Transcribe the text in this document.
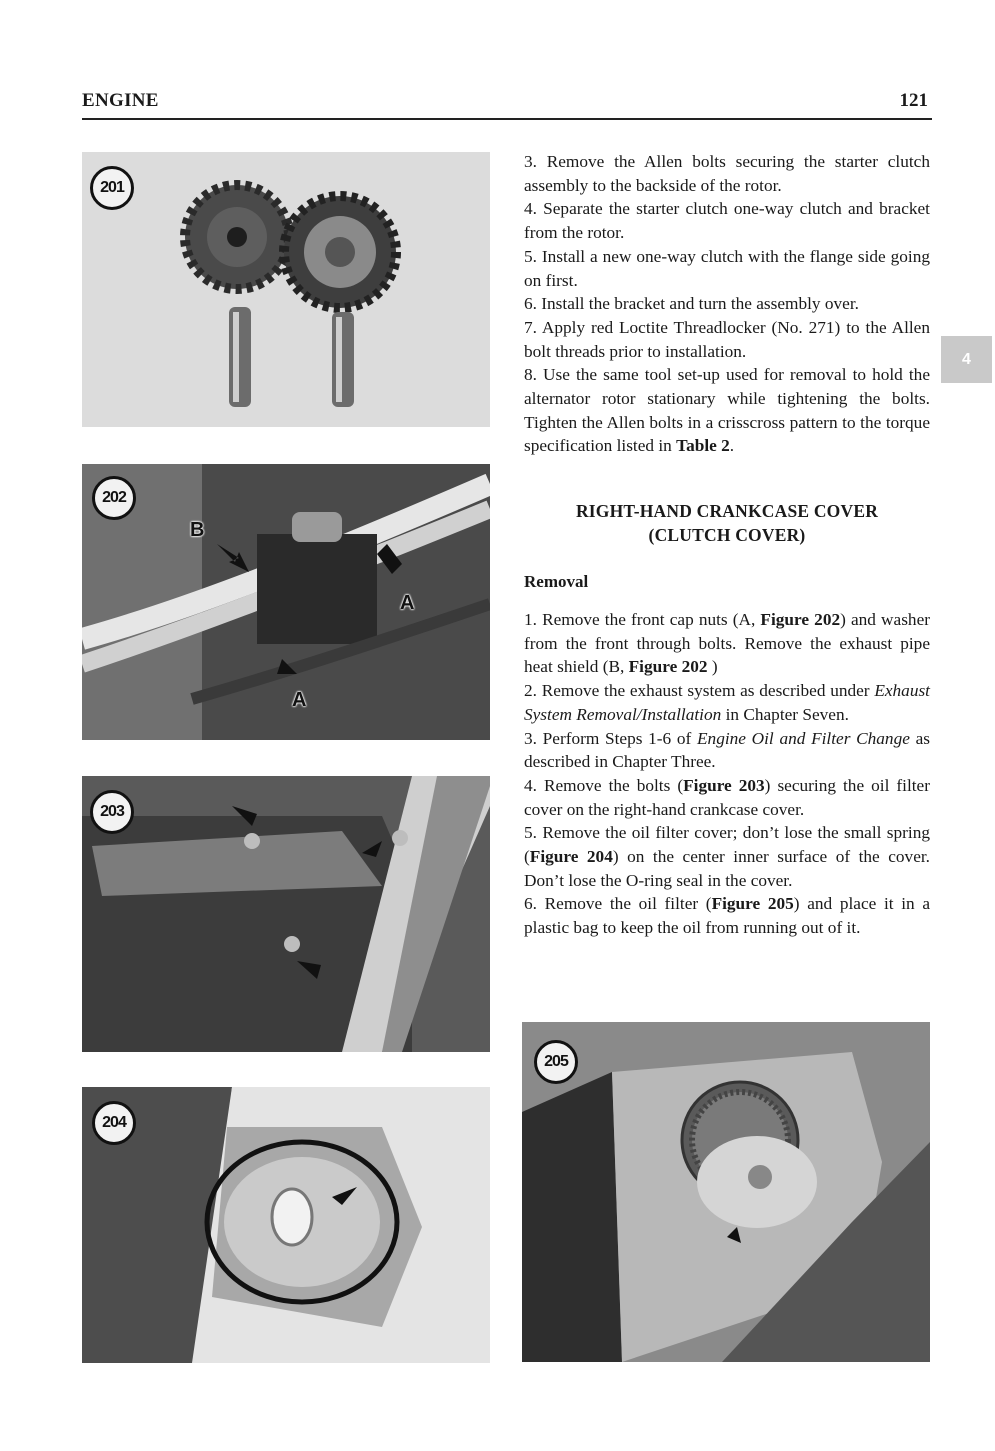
ENGINE	121
4
201
202
B
A
A
203
204
205

3. Remove the Allen bolts securing the starter clutch assembly to the backside of the rotor.

4. Separate the starter clutch one-way clutch and bracket from the rotor.

5. Install a new one-way clutch with the flange side going on first.

6. Install the bracket and turn the assembly over.

7. Apply red Loctite Threadlocker (No. 271) to the Allen bolt threads prior to installation.

8. Use the same tool set-up used for removal to hold the alternator rotor stationary while tightening the bolts. Tighten the Allen bolts in a crisscross pattern to the torque specification listed in Table 2.

RIGHT-HAND CRANKCASE COVER
(CLUTCH COVER)
Removal

1. Remove the front cap nuts (A, Figure 202) and washer from the front through bolts. Remove the exhaust pipe heat shield (B, Figure 202 )

2. Remove the exhaust system as described under Exhaust System Removal/Installation in Chapter Seven.

3. Perform Steps 1-6 of Engine Oil and Filter Change as described in Chapter Three.

4. Remove the bolts (Figure 203) securing the oil filter cover on the right-hand crankcase cover.

5. Remove the oil filter cover; don’t lose the small spring (Figure 204) on the center inner surface of the cover. Don’t lose the O-ring seal in the cover.

6. Remove the oil filter (Figure 205) and place it in a plastic bag to keep the oil from running out of it.
